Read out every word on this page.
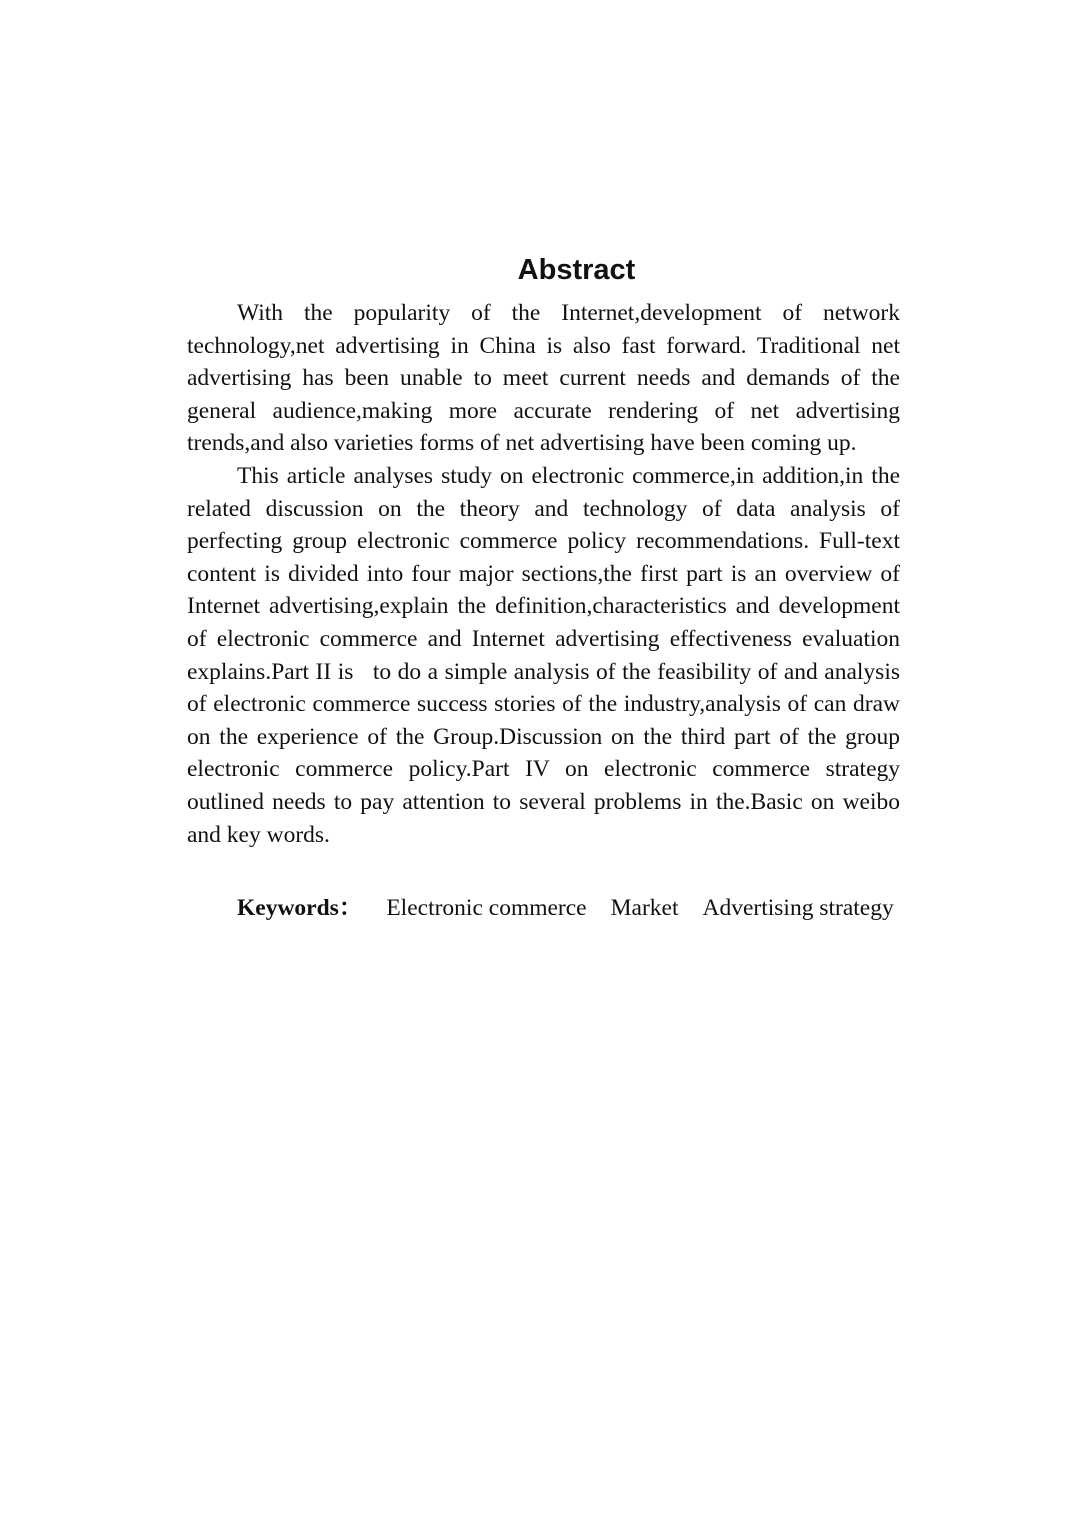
Abstract

With the popularity of the Internet,development of network technology,net advertising in China is also fast forward. Traditional net advertising has been unable to meet current needs and demands of the general audience,making more accurate rendering of net advertising trends,and also varieties forms of net advertising have been coming up.

This article analyses study on electronic commerce,in addition,in the related discussion on the theory and technology of data analysis of perfecting group electronic commerce policy recommendations. Full-text content is divided into four major sections,the first part is an overview of Internet advertising,explain the definition,characteristics and development of electronic commerce and Internet advertising effectiveness evaluation explains.Part II is   to do a simple analysis of the feasibility of and analysis of electronic commerce success stories of the industry,analysis of can draw on the experience of the Group.Discussion on the third part of the group electronic commerce policy.Part IV on electronic commerce strategy outlined needs to pay attention to several problems in the.Basic on weibo and key words.

Keywords： Electronic commerce Market Advertising strategy
